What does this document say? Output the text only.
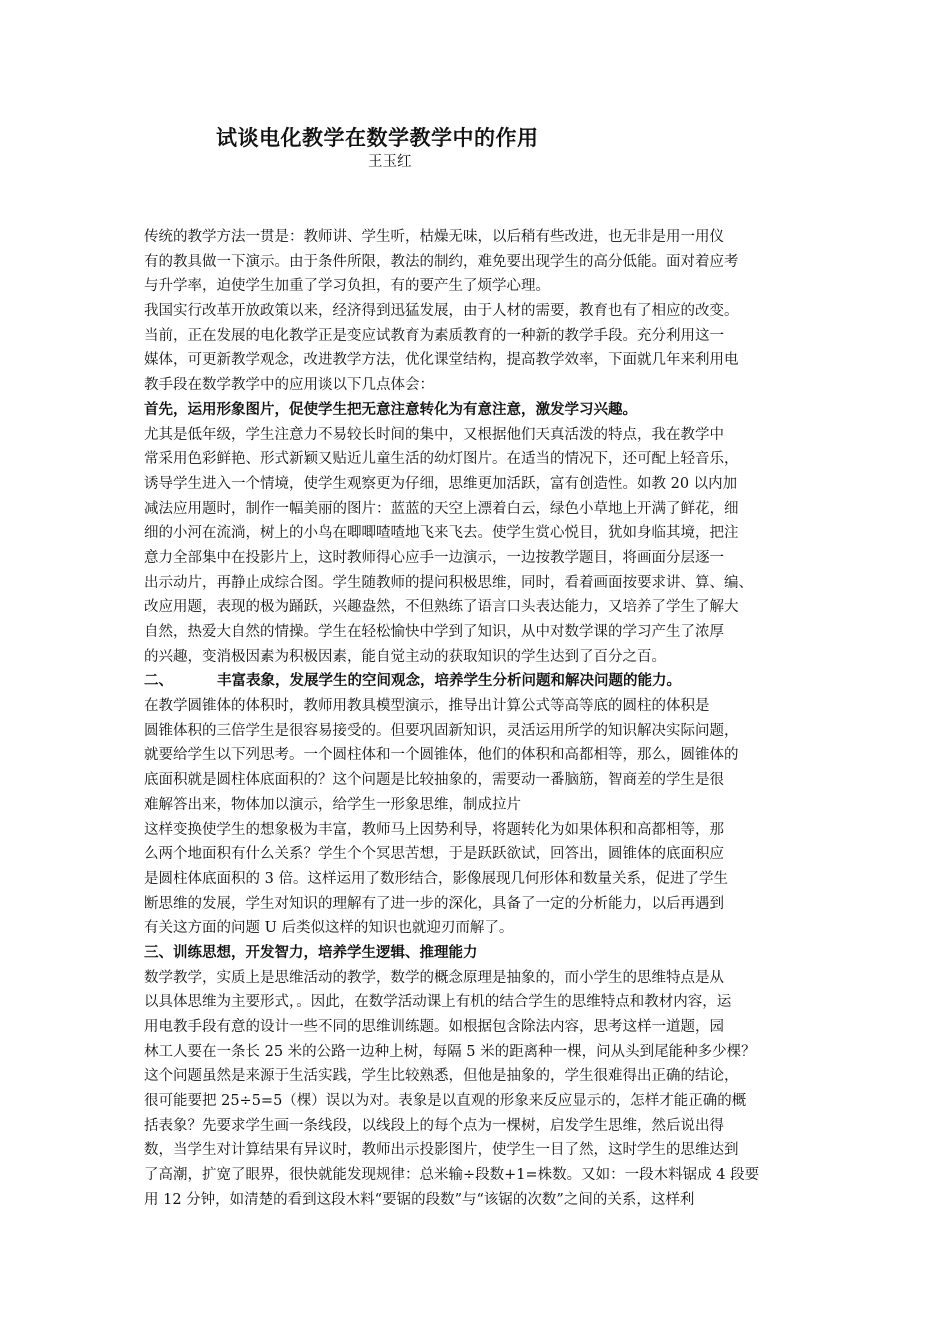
试谈电化教学在数学教学中的作用
王玉红
传统的教学方法一贯是：教师讲、学生听，枯燥无味，以后稍有些改进，也无非是用一用仪
有的教具做一下演示。由于条件所限，教法的制约，难免要出现学生的高分低能。面对着应考
与升学率，迫使学生加重了学习负担，有的要产生了烦学心理。
我国实行改革开放政策以来，经济得到迅猛发展，由于人材的需要，教育也有了相应的改变。
当前，正在发展的电化教学正是变应试教育为素质教育的一种新的教学手段。充分利用这一
媒体，可更新教学观念，改进教学方法，优化课堂结构，提高教学效率，下面就几年来利用电
教手段在数学教学中的应用谈以下几点体会：
首先，运用形象图片，促使学生把无意注意转化为有意注意，激发学习兴趣。
尤其是低年级，学生注意力不易较长时间的集中，又根据他们天真活泼的特点，我在教学中
常采用色彩鲜艳、形式新颖又贴近儿童生活的幼灯图片。在适当的情况下，还可配上轻音乐，
诱导学生进入一个情境，使学生观察更为仔细，思维更加活跃，富有创造性。如教 20 以内加
减法应用题时，制作一幅美丽的图片：蓝蓝的天空上漂着白云，绿色小草地上开满了鲜花，细
细的小河在流淌，树上的小鸟在唧唧喳喳地飞来飞去。使学生赏心悦目，犹如身临其境，把注
意力全部集中在投影片上，这时教师得心应手一边演示，一边按教学题目，将画面分层逐一
出示动片，再静止成综合图。学生随教师的提问积极思维，同时，看着画面按要求讲、算、编、
改应用题，表现的极为踊跃，兴趣盎然，不但熟练了语言口头表达能力，又培养了学生了解大
自然，热爱大自然的情操。学生在轻松愉快中学到了知识，从中对数学课的学习产生了浓厚
的兴趣，变消极因素为积极因素，能自觉主动的获取知识的学生达到了百分之百。
二、	丰富表象，发展学生的空间观念，培养学生分析问题和解决问题的能力。
在教学圆锥体的体积时，教师用教具模型演示，推导出计算公式等高等底的圆柱的体积是
圆锥体积的三倍学生是很容易接受的。但要巩固新知识，灵活运用所学的知识解决实际问题，
就要给学生以下列思考。一个圆柱体和一个圆锥体，他们的体积和高都相等，那么，圆锥体的
底面积就是圆柱体底面积的？这个问题是比较抽象的，需要动一番脑筋，智商差的学生是很
难解答出来，物体加以演示，给学生一形象思维，制成拉片
这样变换使学生的想象极为丰富，教师马上因势利导，将题转化为如果体积和高都相等，那
么两个地面积有什么关系？学生个个冥思苦想，于是跃跃欲试，回答出，圆锥体的底面积应
是圆柱体底面积的 3 倍。这样运用了数形结合，影像展现几何形体和数量关系，促进了学生
断思维的发展，学生对知识的理解有了进一步的深化，具备了一定的分析能力，以后再遇到
有关这方面的问题 U 后类似这样的知识也就迎刃而解了。
三、训练思想，开发智力，培养学生逻辑、推理能力
数学教学，实质上是思维活动的教学，数学的概念原理是抽象的，而小学生的思维特点是从
以具体思维为主要形式，。因此，在数学活动课上有机的结合学生的思维特点和教材内容，运
用电教手段有意的设计一些不同的思维训练题。如根据包含除法内容，思考这样一道题，园
林工人要在一条长 25 米的公路一边种上树，每隔 5 米的距离种一棵，问从头到尾能种多少棵？
这个问题虽然是来源于生活实践，学生比较熟悉，但他是抽象的，学生很难得出正确的结论，
很可能要把 25÷5=5（棵）误以为对。表象是以直观的形象来反应显示的，怎样才能正确的概
括表象？先要求学生画一条线段，以线段上的每个点为一棵树，启发学生思维，然后说出得
数，当学生对计算结果有异议时，教师出示投影图片，使学生一目了然，这时学生的思维达到
了高潮，扩宽了眼界，很快就能发现规律：总米输÷段数+1=株数。又如：一段木料锯成 4 段要
用 12 分钟，如清楚的看到这段木料“要锯的段数”与“该锯的次数”之间的关系，这样利
